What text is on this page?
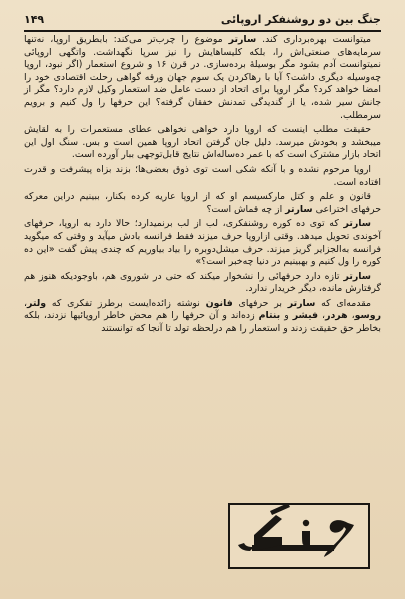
جنگ بین دو روشنفکر اروپائی
۱۴۹

میتوانست بهره‌برداری کند. سارتر موضوع را چرب‌تر می‌کند: بابطریق اروپا، نه‌تنها سرمایه‌های صنعتی‌اش را، بلکه کلیسا‌هایش را نیز سرپا نگهداشت. واتگهی اروپائی نمیتوانست آدم بشود مگر بوسیلهٔ برده‌سازی. در قرن ۱۶ و شروع استعمار (اگر نبود، اروپا چه‌وسیله دیگری داشت؟ آیا با رهاکردن یک سوم جهان ورقه گواهی رحلت اقتصادی خود را امضا خواهد کرد؟ مگر اروپا برای اتحاد از دست عامل ضد استعمار وکیل لازم دارد؟ مگر از جانش سیر شده، یا از گندیدگی تمدنش خفقان گرفته؟ این حرفها را ول کنیم و برویم سرمطلب.

حقیقت مطلب اینست که اروپا دارد خواهی نخواهی عطای مستعمرات را به لقایش میبخشد و بخودش میرسد. دلیل جان گرفتن اتحاد اروپا همین است و بس. سنگ اول این اتحاد بازار مشترک است که با عمر ده‌ساله‌اش نتایج قابل‌توجهی ببار آورده است.

اروپا مرحوم نشده و با آنکه شکی است توی ذوق بعضی‌ها؛ بزند بزاه پیشرفت و قدرت افتاده است.

قانون و علم و کتل مارکسیسم او که از اروپا عاریه کرده بکنار، ببینیم دراین معرکه حرفهای اختراعی سارتر از چه قماش است؟

سارتر که توی ده کوره روشنفکری، لب از لب برنمیدارد؛ حالا دارد به اروپا، حرفهای آخوندی تحویل میدهد. وقتی ازاروپا حرف میزند فقط فرانسه بادش میآید و وقتی که میگوید فرانسه به‌الجزایر گریز میزند. حرف میشل‌دوبره را بیاد بیاوریم که چندی پیش گفت «این ده کوره را ول کنیم و بهبینیم در دنیا چه‌خبر است؟»

سارتر تازه دارد حرفهائی را نشخوار میکند که حتی در شوروی هم، باوجودیکه هنوز هم گرفتارش مانده، دیگر خریدار ندارد.

مقدمه‌ای که سارتر بر حرفهای فانون نوشته زائده‌ایست برطرز تفکری که ولتر، روسو، هردر، فیشر و بنتام زده‌اند و آن حرفها را هم محض خاطر اروپائیها نزدند، بلکه بخاطر حق حقیقت زدند و استعمار را هم درلحظه تولد تا آنجا که توانستند
